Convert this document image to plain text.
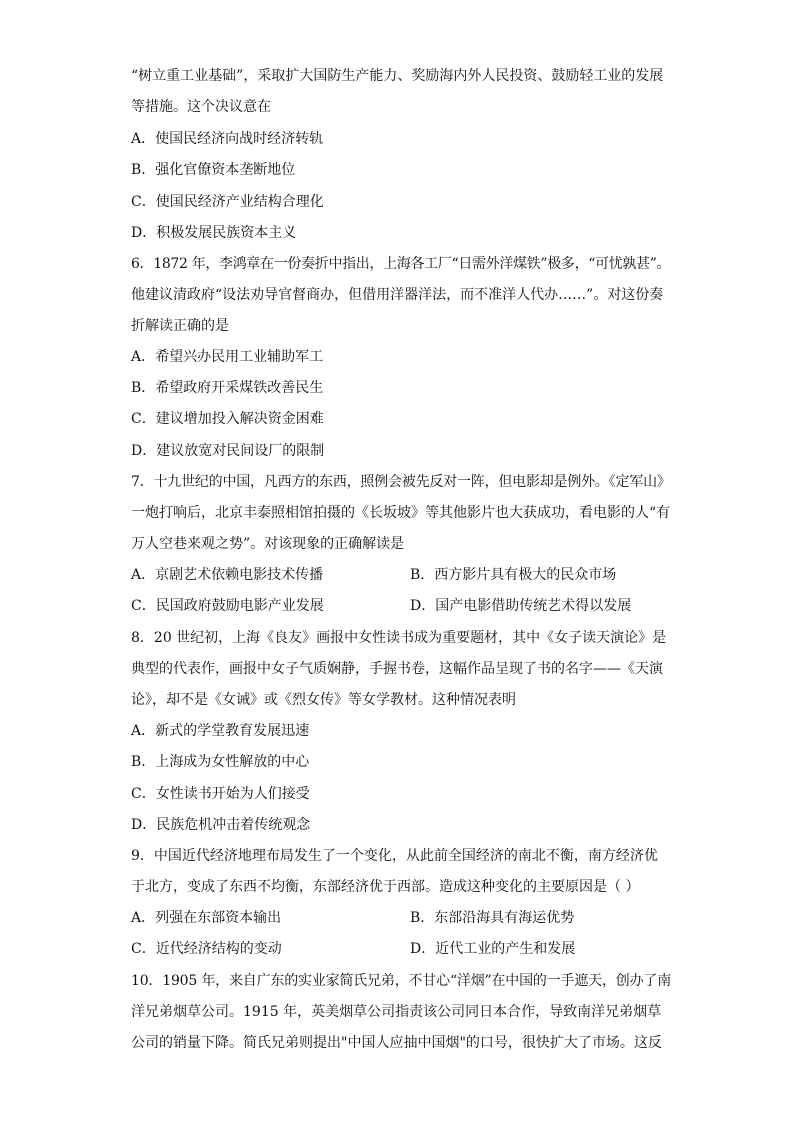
“树立重工业基础”，采取扩大国防生产能力、奖励海内外人民投资、鼓励轻工业的发展
等措施。这个决议意在
A．使国民经济向战时经济转轨
B．强化官僚资本垄断地位
C．使国民经济产业结构合理化
D．积极发展民族资本主义
6．1872 年，李鸿章在一份奏折中指出，上海各工厂“日需外洋煤铁”极多，“可忧孰甚”。
他建议清政府“设法劝导官督商办，但借用洋器洋法，而不准洋人代办……”。对这份奏
折解读正确的是
A．希望兴办民用工业辅助军工
B．希望政府开采煤铁改善民生
C．建议增加投入解决资金困难
D．建议放宽对民间设厂的限制
7．十九世纪的中国，凡西方的东西，照例会被先反对一阵，但电影却是例外。《定军山》
一炮打响后，北京丰泰照相馆拍摄的《长坂坡》等其他影片也大获成功，看电影的人“有
万人空巷来观之势”。对该现象的正确解读是
A．京剧艺术依赖电影技术传播	B．西方影片具有极大的民众市场
C．民国政府鼓励电影产业发展	D．国产电影借助传统艺术得以发展
8．20 世纪初，上海《良友》画报中女性读书成为重要题材，其中《女子读天演论》是
典型的代表作，画报中女子气质娴静，手握书卷，这幅作品呈现了书的名字——《天演
论》，却不是《女诫》或《烈女传》等女学教材。这种情况表明
A．新式的学堂教育发展迅速
B．上海成为女性解放的中心
C．女性读书开始为人们接受
D．民族危机冲击着传统观念
9．中国近代经济地理布局发生了一个变化，从此前全国经济的南北不衡，南方经济优
于北方，变成了东西不均衡，东部经济优于西部。造成这种变化的主要原因是（ ）
A．列强在东部资本输出	B．东部沿海具有海运优势
C．近代经济结构的变动	D．近代工业的产生和发展
10．1905 年，来自广东的实业家简氏兄弟，不甘心“洋烟”在中国的一手遮天，创办了南
洋兄弟烟草公司。1915 年，英美烟草公司指责该公司同日本合作，导致南洋兄弟烟草
公司的销量下降。简氏兄弟则提出"中国人应抽中国烟"的口号，很快扩大了市场。这反
